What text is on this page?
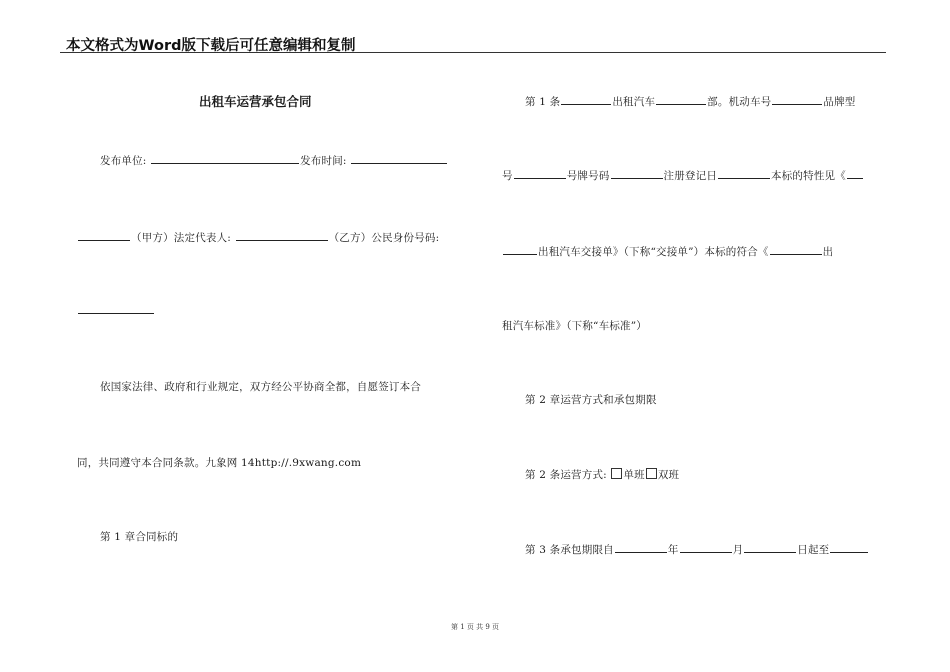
本文格式为Word版下载后可任意编辑和复制
出租车运营承包合同
发布单位:	发布时间:
（甲方）法定代表人:	（乙方）公民身份号码:
依国家法律、政府和行业规定，双方经公平协商全都，自愿签订本合
同，共同遵守本合同条款。九象网 14http://.9xwang.com
第 1 章合同标的
第 1 条	出租汽车	部。机动车号	品牌型
号	号牌号码	注册登记日	本标的特性见《
出租汽车交接单》（下称“交接单”）本标的符合《	出
租汽车标准》（下称“车标准”）
第 2 章运营方式和承包期限
第 2 条运营方式: 单班 双班
第 3 条承包期限自	年	月	日起至
第 1 页 共 9 页
